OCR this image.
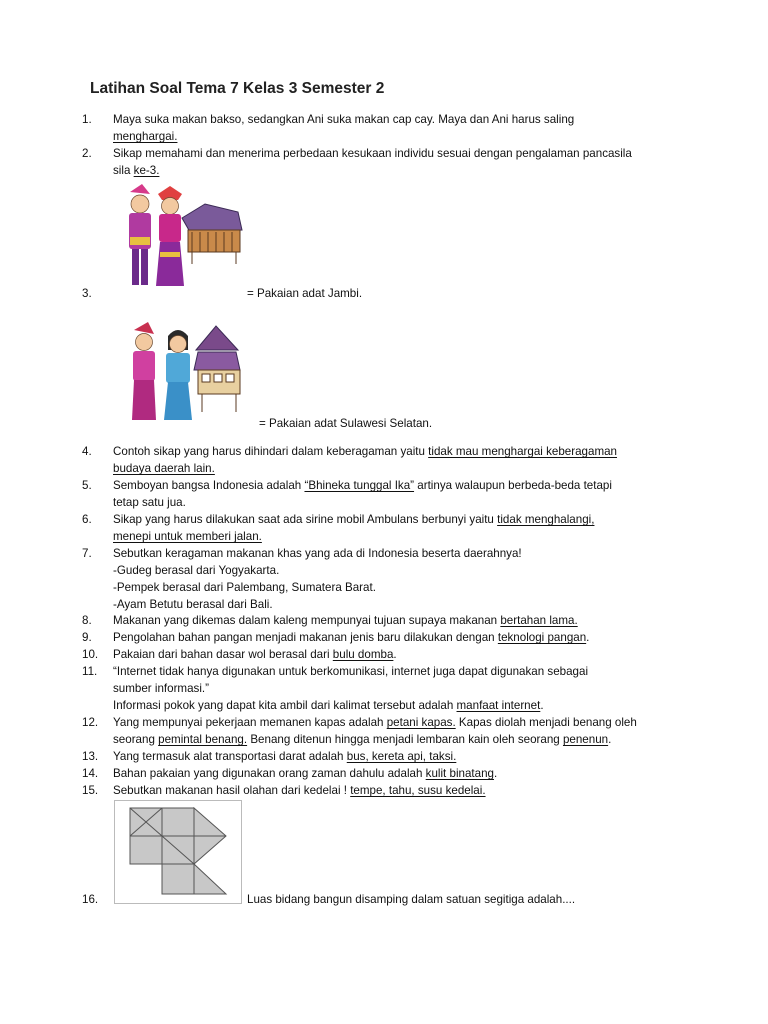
Latihan Soal Tema 7 Kelas 3 Semester 2
1.	Maya suka makan bakso, sedangkan Ani suka makan cap cay. Maya dan Ani harus saling
menghargai.
2.	Sikap memahami dan menerima perbedaan kesukaan individu sesuai dengan pengalaman pancasila
sila ke-3.
3.	= Pakaian adat Jambi.
= Pakaian adat Sulawesi Selatan.
4.	Contoh sikap yang harus dihindari dalam keberagaman yaitu tidak mau menghargai keberagaman
budaya daerah lain.
5.	Semboyan bangsa Indonesia adalah “Bhineka tunggal Ika” artinya walaupun berbeda-beda tetapi
tetap satu jua.
6.	Sikap yang harus dilakukan saat ada sirine mobil Ambulans berbunyi yaitu tidak menghalangi,
menepi untuk memberi jalan.
7.	Sebutkan keragaman makanan khas yang ada di Indonesia beserta daerahnya!
-Gudeg berasal dari Yogyakarta.
-Pempek berasal dari Palembang, Sumatera Barat.
-Ayam Betutu berasal dari Bali.
8.	Makanan yang dikemas dalam kaleng mempunyai tujuan supaya makanan bertahan lama.
9.	Pengolahan bahan pangan menjadi makanan jenis baru dilakukan dengan teknologi pangan.
10.	Pakaian dari bahan dasar wol berasal dari bulu domba.
11.	“Internet tidak hanya digunakan untuk berkomunikasi, internet juga dapat digunakan sebagai
sumber informasi.”
Informasi pokok yang dapat kita ambil dari kalimat tersebut adalah manfaat internet.
12.	Yang mempunyai pekerjaan memanen kapas adalah petani kapas. Kapas diolah menjadi benang oleh
seorang pemintal benang. Benang ditenun hingga menjadi lembaran kain oleh seorang penenun.
13.	Yang termasuk alat transportasi darat adalah bus, kereta api, taksi.
14.	Bahan pakaian yang digunakan orang zaman dahulu adalah kulit binatang.
15.	Sebutkan makanan hasil olahan dari kedelai ! tempe, tahu, susu kedelai.
16.	Luas bidang bangun disamping dalam satuan segitiga adalah....
